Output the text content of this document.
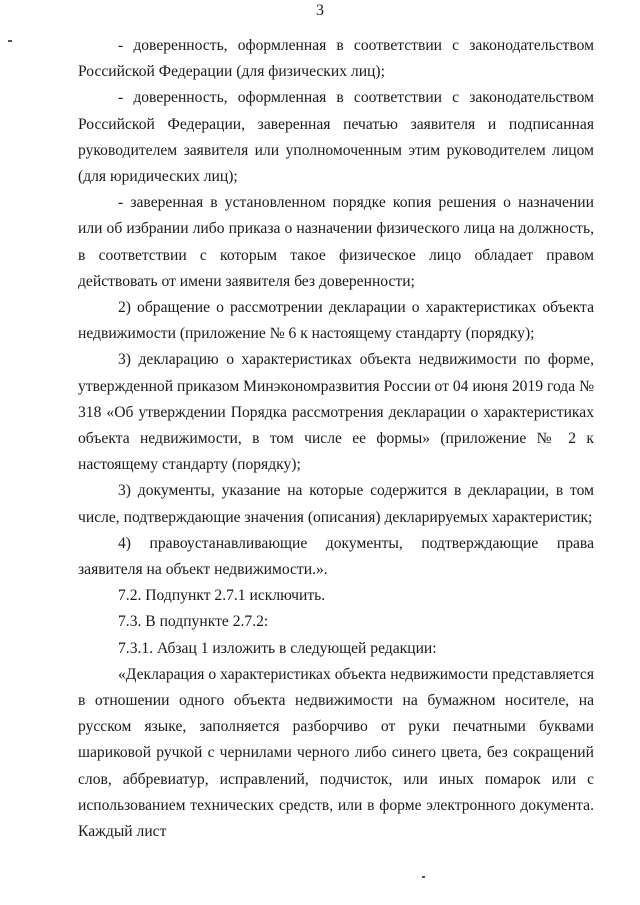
3

- доверенность, оформленная в соответствии с законодательством Российской Федерации (для физических лиц);

- доверенность, оформленная в соответствии с законодательством Российской Федерации, заверенная печатью заявителя и подписанная руководителем заявителя или уполномоченным этим руководителем лицом (для юридических лиц);

- заверенная в установленном порядке копия решения о назначении или об избрании либо приказа о назначении физического лица на должность, в соответствии с которым такое физическое лицо обладает правом действовать от имени заявителя без доверенности;

2) обращение о рассмотрении декларации о характеристиках объекта недвижимости (приложение № 6 к настоящему стандарту (порядку);

3) декларацию о характеристиках объекта недвижимости по форме, утвержденной приказом Минэкономразвития России от 04 июня 2019 года № 318 «Об утверждении Порядка рассмотрения декларации о характеристиках объекта недвижимости, в том числе ее формы» (приложение № 2 к настоящему стандарту (порядку);

3) документы, указание на которые содержится в декларации, в том числе, подтверждающие значения (описания) декларируемых характеристик;

4) правоустанавливающие документы, подтверждающие права заявителя на объект недвижимости.».

7.2. Подпункт 2.7.1 исключить.

7.3. В подпункте 2.7.2:

7.3.1. Абзац 1 изложить в следующей редакции:

«Декларация о характеристиках объекта недвижимости представляется в отношении одного объекта недвижимости на бумажном носителе, на русском языке, заполняется разборчиво от руки печатными буквами шариковой ручкой с чернилами черного либо синего цвета, без сокращений слов, аббревиатур, исправлений, подчисток, или иных помарок или с использованием технических средств, или в форме электронного документа. Каждый лист
